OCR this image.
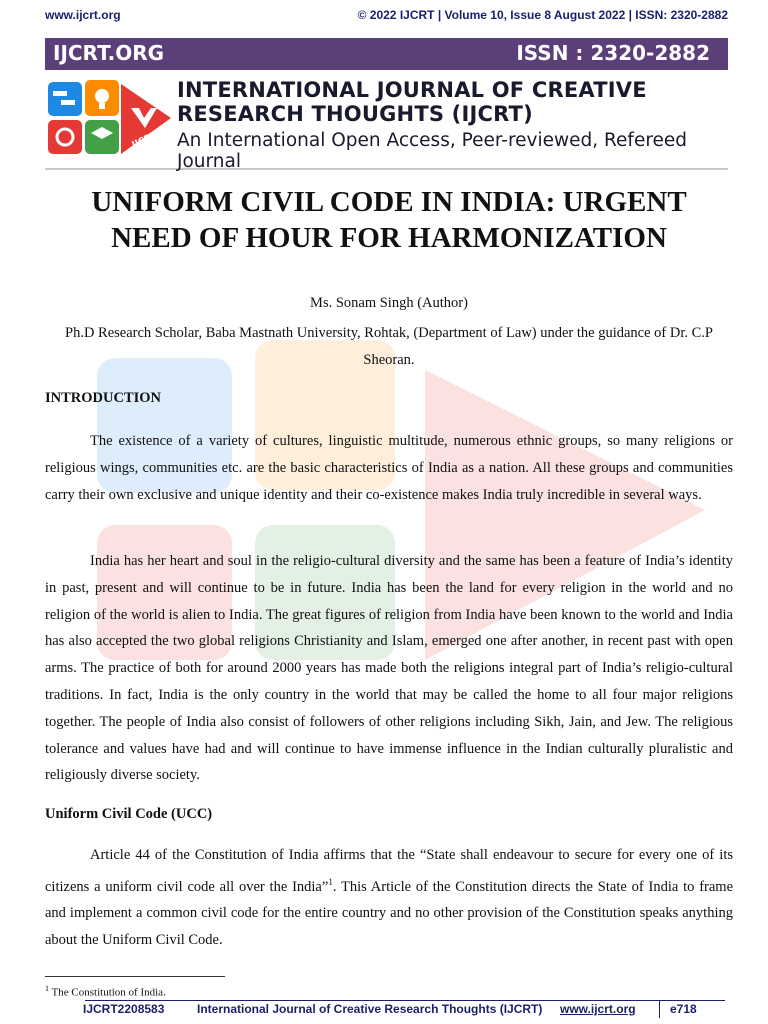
www.ijcrt.org	© 2022 IJCRT | Volume 10, Issue 8 August 2022 | ISSN: 2320-2882
IJCRT.ORG	ISSN : 2320-2882
IJCRT
INTERNATIONAL JOURNAL OF CREATIVE
RESEARCH THOUGHTS (IJCRT)
An International Open Access, Peer-reviewed, Refereed Journal
UNIFORM CIVIL CODE IN INDIA: URGENT
NEED OF HOUR FOR HARMONIZATION
Ms. Sonam Singh (Author)
Ph.D Research Scholar, Baba Mastnath University, Rohtak, (Department of Law) under the guidance of Dr. C.P Sheoran.
INTRODUCTION
The existence of a variety of cultures, linguistic multitude, numerous ethnic groups, so many religions or religious wings, communities etc. are the basic characteristics of India as a nation. All these groups and communities carry their own exclusive and unique identity and their co-existence makes India truly incredible in several ways.
India has her heart and soul in the religio-cultural diversity and the same has been a feature of India’s identity in past, present and will continue to be in future. India has been the land for every religion in the world and no religion of the world is alien to India. The great figures of religion from India have been known to the world and India has also accepted the two global religions Christianity and Islam, emerged one after another, in recent past with open arms. The practice of both for around 2000 years has made both the religions integral part of India’s religio-cultural traditions. In fact, India is the only country in the world that may be called the home to all four major religions together. The people of India also consist of followers of other religions including Sikh, Jain, and Jew. The religious tolerance and values have had and will continue to have immense influence in the Indian culturally pluralistic and religiously diverse society.
Uniform Civil Code (UCC)
Article 44 of the Constitution of India affirms that the “State shall endeavour to secure for every one of its citizens a uniform civil code all over the India”$^1$. This Article of the Constitution directs the State of India to frame and implement a common civil code for the entire country and no other provision of the Constitution speaks anything about the Uniform Civil Code.
$^1$ The Constitution of India.
IJCRT2208583	International Journal of Creative Research Thoughts (IJCRT) www.ijcrt.org	e718
